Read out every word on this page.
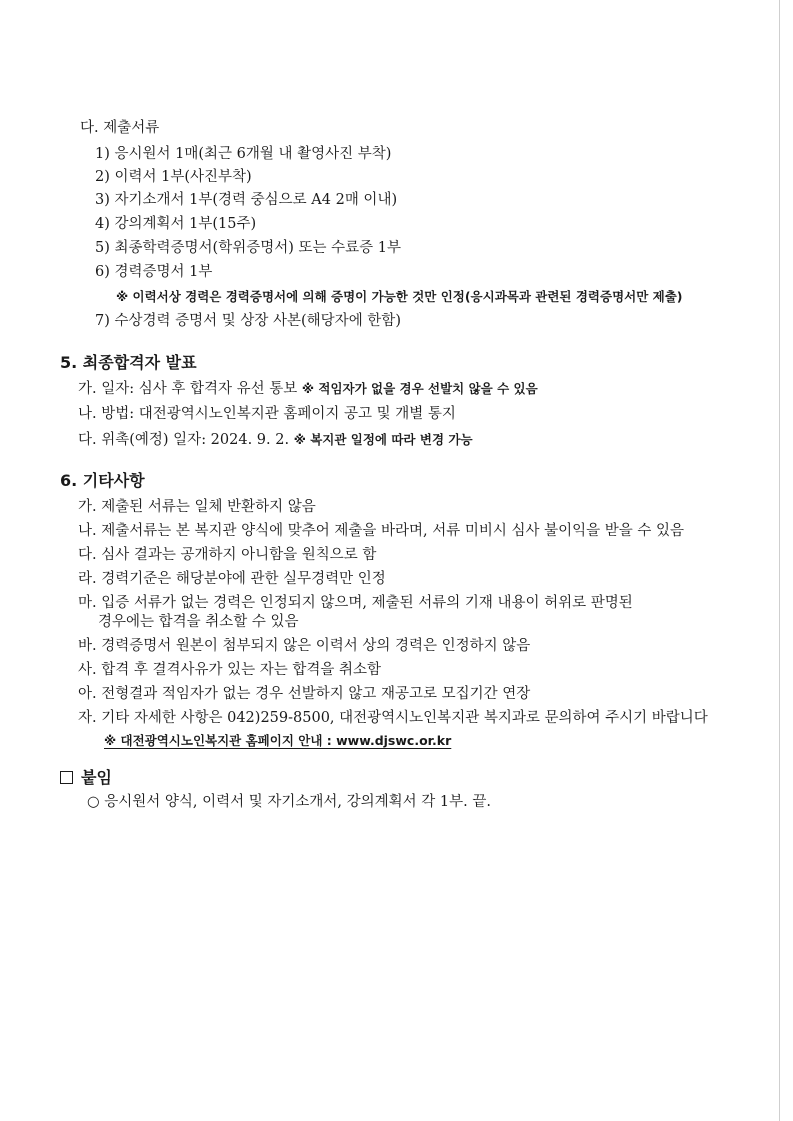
다. 제출서류
1) 응시원서 1매(최근 6개월 내 촬영사진 부착)
2) 이력서 1부(사진부착)
3) 자기소개서 1부(경력 중심으로 A4 2매 이내)
4) 강의계획서 1부(15주)
5) 최종학력증명서(학위증명서) 또는 수료증 1부
6) 경력증명서 1부
※ 이력서상 경력은 경력증명서에 의해 증명이 가능한 것만 인정(응시과목과 관련된 경력증명서만 제출)
7) 수상경력 증명서 및 상장 사본(해당자에 한함)
5. 최종합격자 발표
가. 일자: 심사 후 합격자 유선 통보 ※ 적임자가 없을 경우 선발치 않을 수 있음
나. 방법: 대전광역시노인복지관 홈페이지 공고 및 개별 통지
다. 위촉(예정) 일자: 2024. 9. 2. ※ 복지관 일정에 따라 변경 가능
6. 기타사항
가. 제출된 서류는 일체 반환하지 않음
나. 제출서류는 본 복지관 양식에 맞추어 제출을 바라며, 서류 미비시 심사 불이익을 받을 수 있음
다. 심사 결과는 공개하지 아니함을 원칙으로 함
라. 경력기준은 해당분야에 관한 실무경력만 인정
마. 입증 서류가 없는 경력은 인정되지 않으며, 제출된 서류의 기재 내용이 허위로 판명된
경우에는 합격을 취소할 수 있음
바. 경력증명서 원본이 첨부되지 않은 이력서 상의 경력은 인정하지 않음
사. 합격 후 결격사유가 있는 자는 합격을 취소함
아. 전형결과 적임자가 없는 경우 선발하지 않고 재공고로 모집기간 연장
자. 기타 자세한 사항은 042)259-8500, 대전광역시노인복지관 복지과로 문의하여 주시기 바랍니다
※ 대전광역시노인복지관 홈페이지 안내 : www.djswc.or.kr
붙임
○ 응시원서 양식, 이력서 및 자기소개서, 강의계획서 각 1부. 끝.
